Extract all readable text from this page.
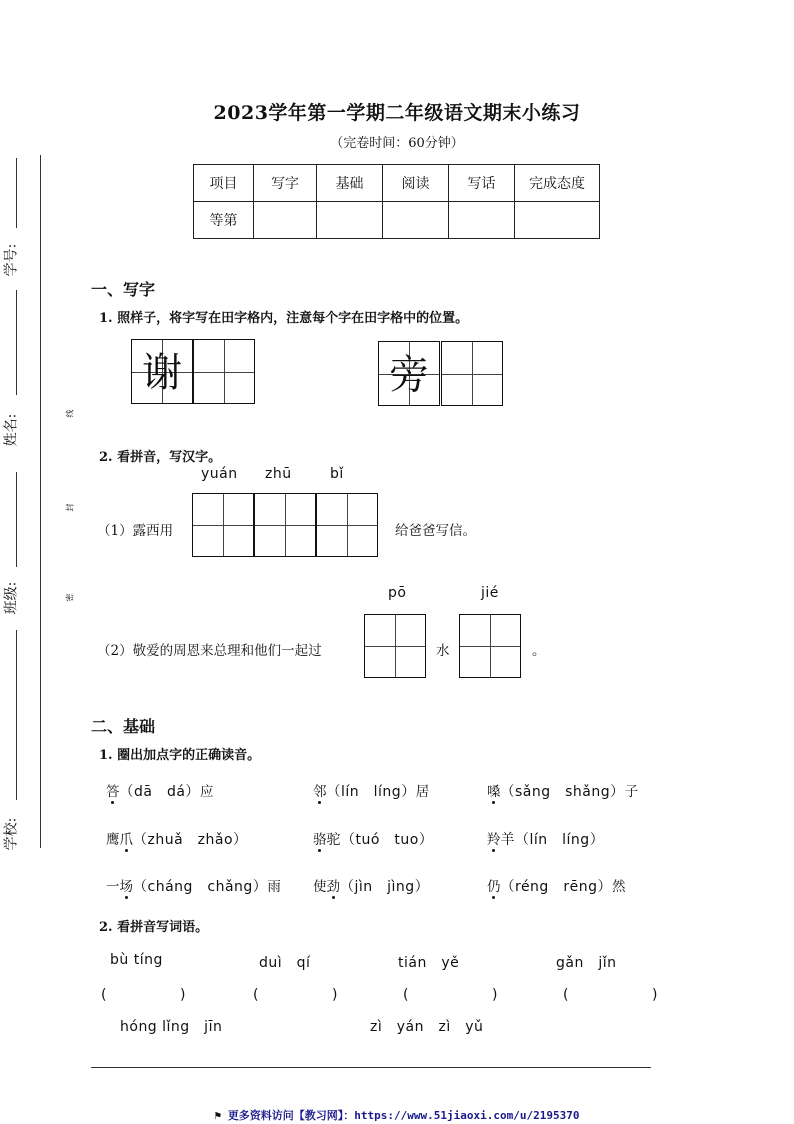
2023学年第一学期二年级语文期末小练习
（完卷时间：60分钟）
项目	写字	基础	阅读	写话	完成态度
等第					
学号:
姓名:
班级:
学校:
线
封
密
一、写字
1. 照样子，将字写在田字格内，注意每个字在田字格中的位置。
谢	旁
2. 看拼音，写汉字。
yuán zhū	bǐ
（1）露西用	给爸爸写信。
pō	jié
（2）敬爱的周恩来总理和他们一起过	水	。
二、基础
1. 圈出加点字的正确读音。
答（dā　dá）应	邻（lín　líng）居	嗓（sǎng　shǎng）子
鹰爪（zhuǎ　zhǎo）	骆驼（tuó　tuo）	羚羊（lín　líng）
一场（cháng　chǎng）雨 使劲（jìn　jìng）	仍（réng　rēng）然
2. 看拼音写词语。
bù tíng	duì　qí	tián　yě	gǎn　jǐn
(	)	(	)	(	)	(	)
hóng lǐng　jīn	zì　yán　zì　yǔ
⚑ 更多资料访问【教习网】：https://www.51jiaoxi.com/u/2195370
